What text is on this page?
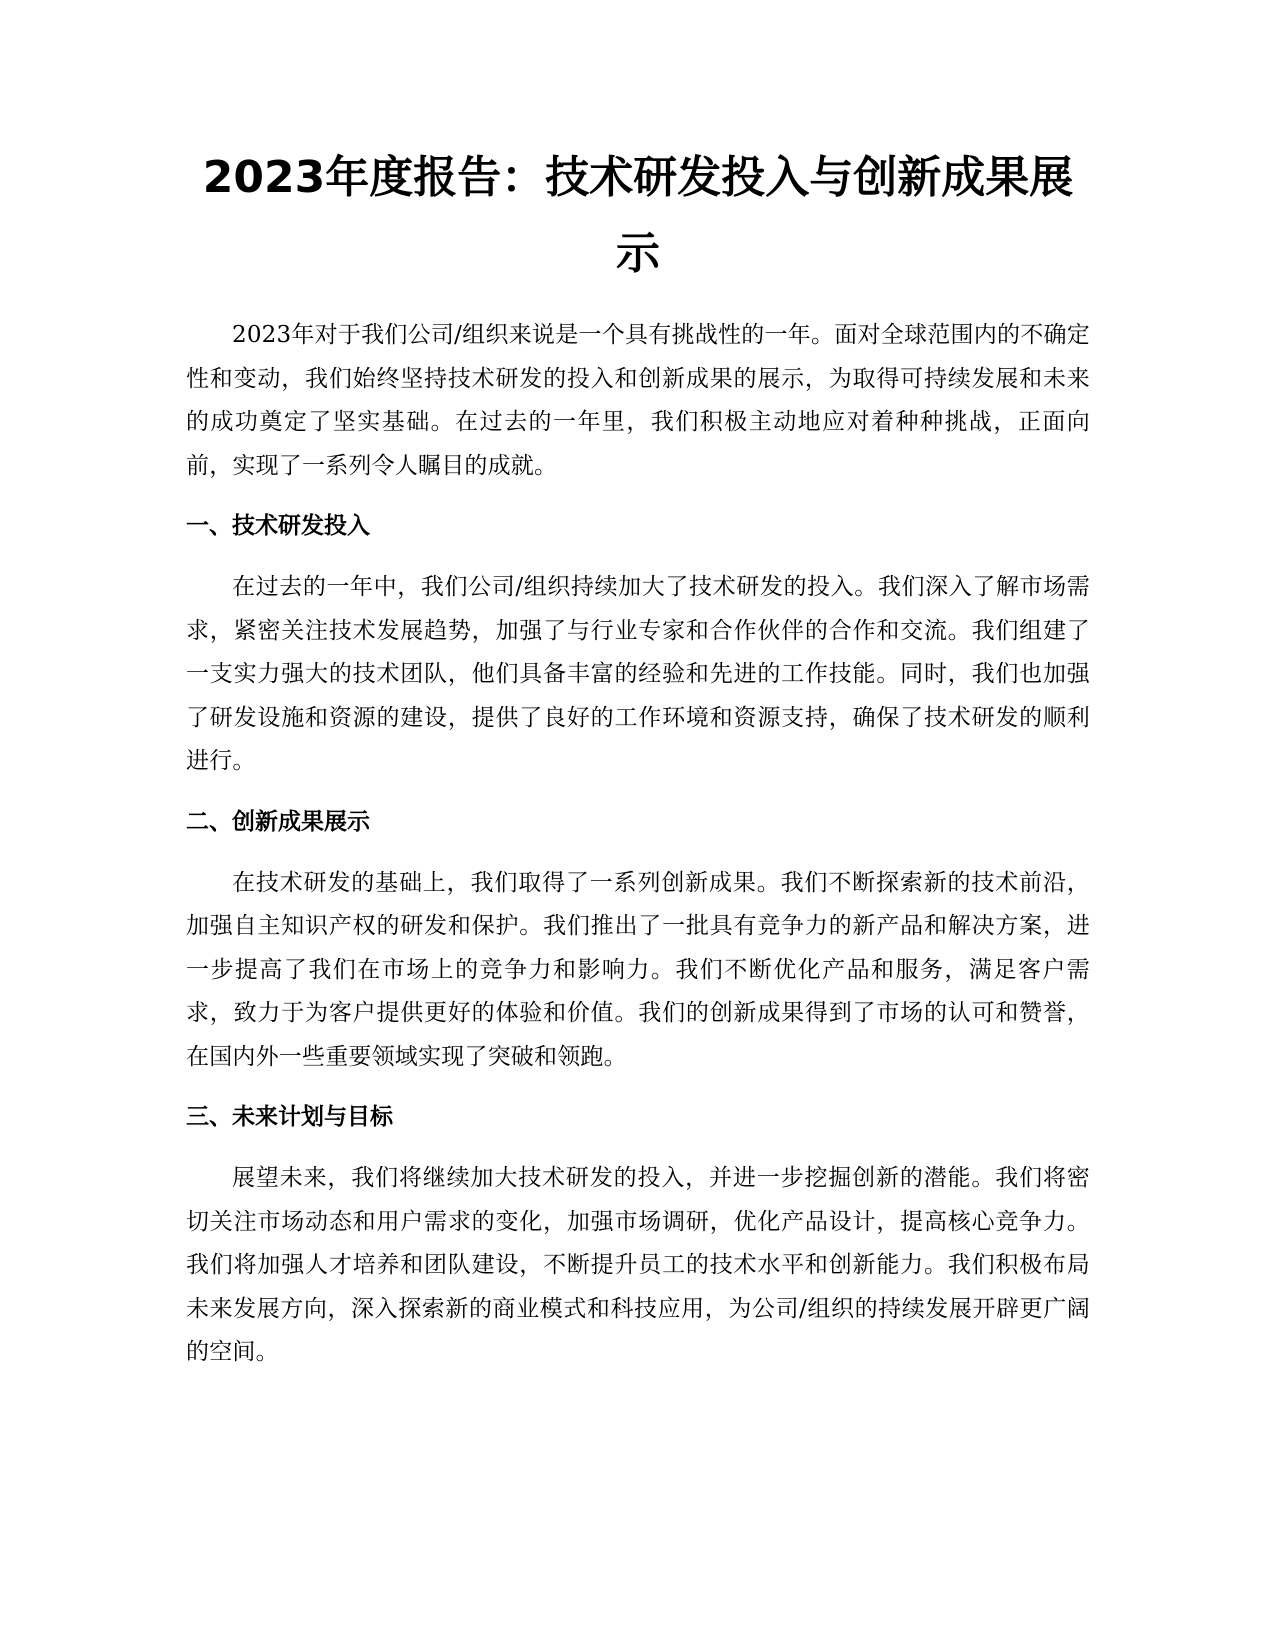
2023年度报告：技术研发投入与创新成果展示

2023年对于我们公司/组织来说是一个具有挑战性的一年。面对全球范围内的不确定性和变动，我们始终坚持技术研发的投入和创新成果的展示，为取得可持续发展和未来的成功奠定了坚实基础。在过去的一年里，我们积极主动地应对着种种挑战，正面向前，实现了一系列令人瞩目的成就。

一、技术研发投入

在过去的一年中，我们公司/组织持续加大了技术研发的投入。我们深入了解市场需求，紧密关注技术发展趋势，加强了与行业专家和合作伙伴的合作和交流。我们组建了一支实力强大的技术团队，他们具备丰富的经验和先进的工作技能。同时，我们也加强了研发设施和资源的建设，提供了良好的工作环境和资源支持，确保了技术研发的顺利进行。

二、创新成果展示

在技术研发的基础上，我们取得了一系列创新成果。我们不断探索新的技术前沿，加强自主知识产权的研发和保护。我们推出了一批具有竞争力的新产品和解决方案，进一步提高了我们在市场上的竞争力和影响力。我们不断优化产品和服务，满足客户需求，致力于为客户提供更好的体验和价值。我们的创新成果得到了市场的认可和赞誉，在国内外一些重要领域实现了突破和领跑。

三、未来计划与目标

展望未来，我们将继续加大技术研发的投入，并进一步挖掘创新的潜能。我们将密切关注市场动态和用户需求的变化，加强市场调研，优化产品设计，提高核心竞争力。我们将加强人才培养和团队建设，不断提升员工的技术水平和创新能力。我们积极布局未来发展方向，深入探索新的商业模式和科技应用，为公司/组织的持续发展开辟更广阔的空间。
